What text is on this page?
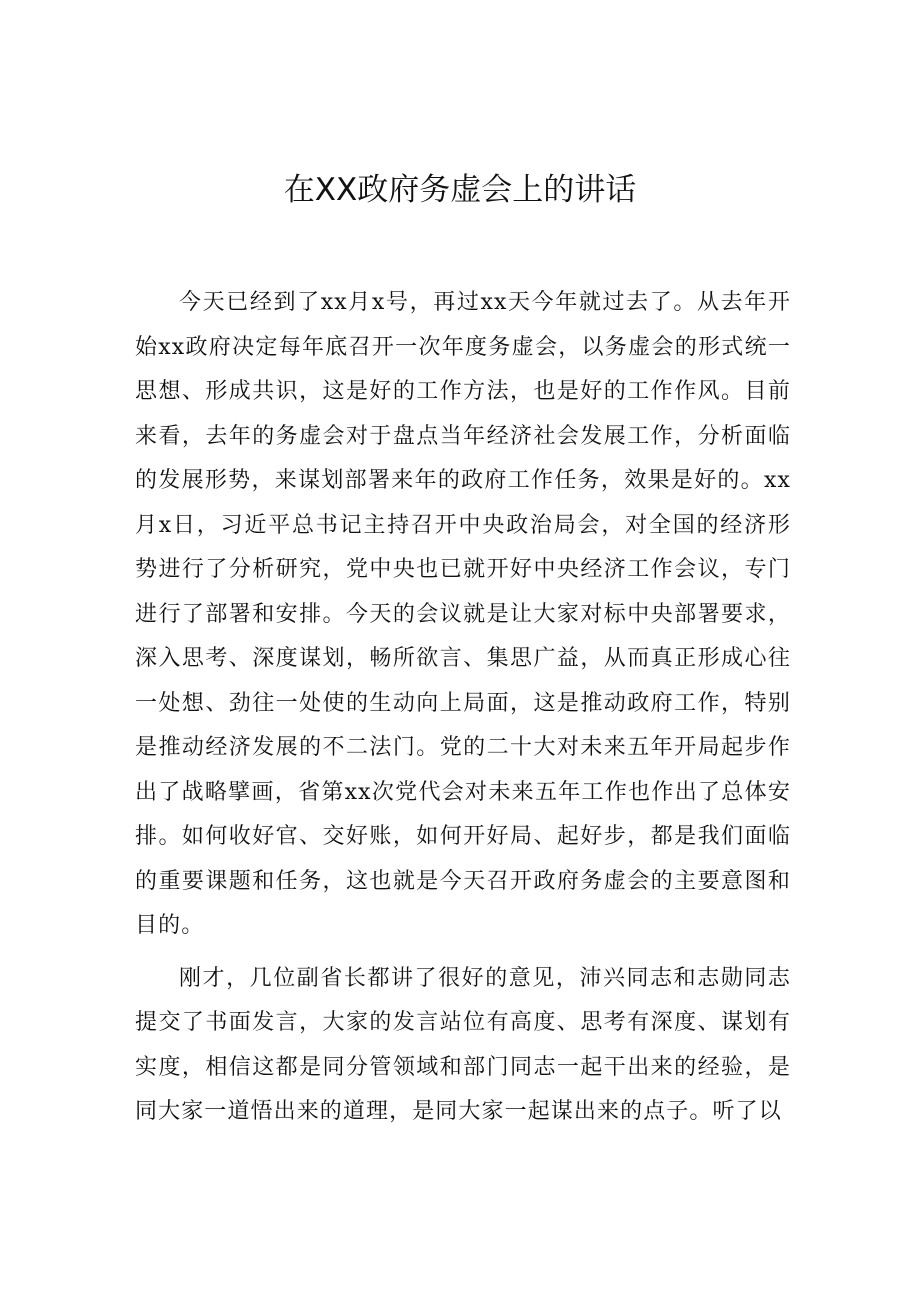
在XX政府务虚会上的讲话

今天已经到了xx月x号，再过xx天今年就过去了。从去年开始xx政府决定每年底召开一次年度务虚会，以务虚会的形式统一思想、形成共识，这是好的工作方法，也是好的工作作风。目前来看，去年的务虚会对于盘点当年经济社会发展工作，分析面临的发展形势，来谋划部署来年的政府工作任务，效果是好的。xx月x日，习近平总书记主持召开中央政治局会，对全国的经济形势进行了分析研究，党中央也已就开好中央经济工作会议，专门进行了部署和安排。今天的会议就是让大家对标中央部署要求，深入思考、深度谋划，畅所欲言、集思广益，从而真正形成心往一处想、劲往一处使的生动向上局面，这是推动政府工作，特别是推动经济发展的不二法门。党的二十大对未来五年开局起步作出了战略擘画，省第xx次党代会对未来五年工作也作出了总体安排。如何收好官、交好账，如何开好局、起好步，都是我们面临的重要课题和任务，这也就是今天召开政府务虚会的主要意图和目的。

刚才，几位副省长都讲了很好的意见，沛兴同志和志勋同志提交了书面发言，大家的发言站位有高度、思考有深度、谋划有实度，相信这都是同分管领域和部门同志一起干出来的经验，是同大家一道悟出来的道理，是同大家一起谋出来的点子。听了以
